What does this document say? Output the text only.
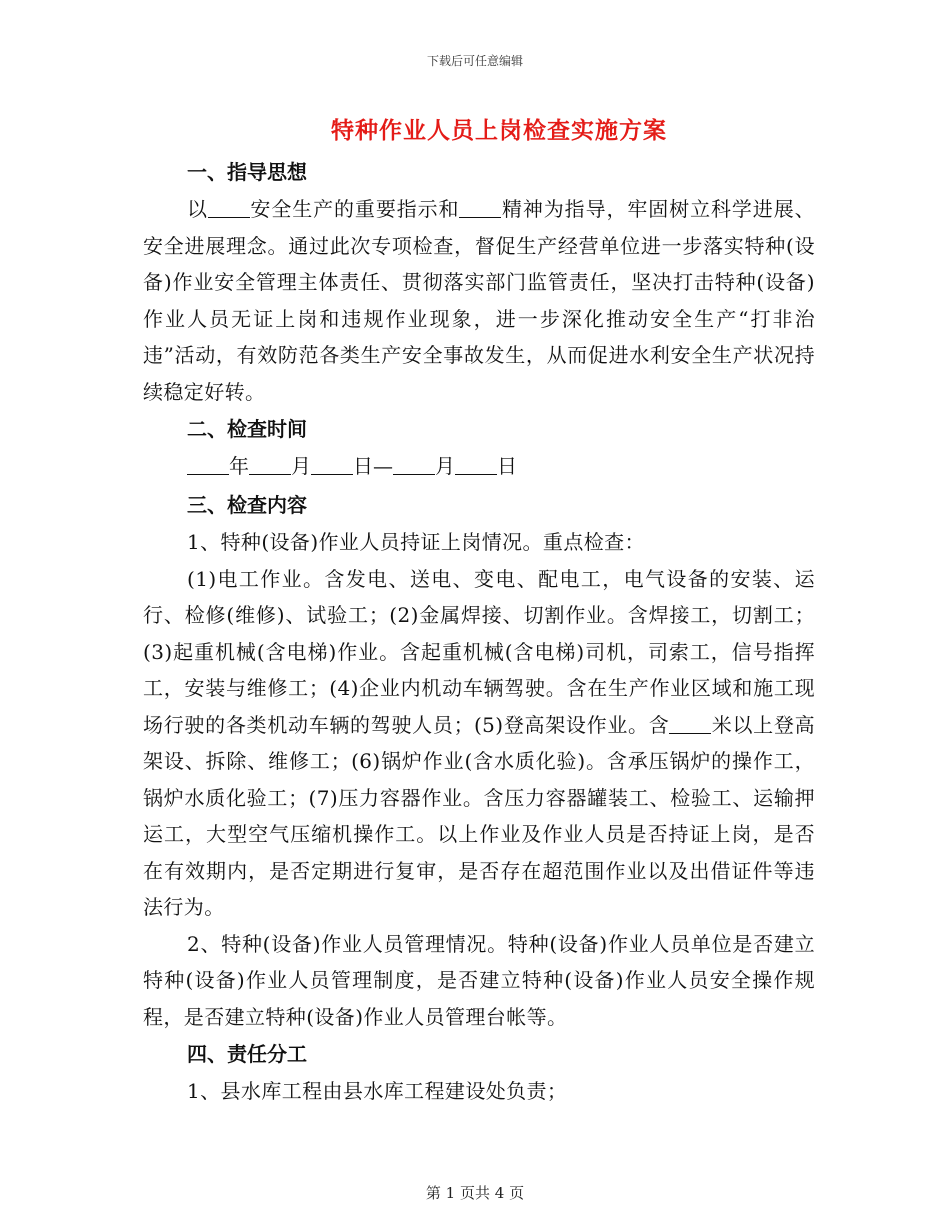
下载后可任意编辑
特种作业人员上岗检查实施方案
一、指导思想

以 安全生产的重要指示和 精神为指导，牢固树立科学进展、安全进展理念。通过此次专项检查，督促生产经营单位进一步落实特种(设备)作业安全管理主体责任、贯彻落实部门监管责任，坚决打击特种(设备)作业人员无证上岗和违规作业现象，进一步深化推动安全生产“打非治违”活动，有效防范各类生产安全事故发生，从而促进水利安全生产状况持续稳定好转。

二、检查时间
年 月 日— 月 日
三、检查内容

1、特种(设备)作业人员持证上岗情况。重点检查：

(1)电工作业。含发电、送电、变电、配电工，电气设备的安装、运行、检修(维修)、试验工；(2)金属焊接、切割作业。含焊接工，切割工；(3)起重机械(含电梯)作业。含起重机械(含电梯)司机，司索工，信号指挥工，安装与维修工；(4)企业内机动车辆驾驶。含在生产作业区域和施工现场行驶的各类机动车辆的驾驶人员；(5)登高架设作业。含 米以上登高架设、拆除、维修工；(6)锅炉作业(含水质化验)。含承压锅炉的操作工，锅炉水质化验工；(7)压力容器作业。含压力容器罐装工、检验工、运输押运工，大型空气压缩机操作工。以上作业及作业人员是否持证上岗，是否在有效期内，是否定期进行复审，是否存在超范围作业以及出借证件等违法行为。

2、特种(设备)作业人员管理情况。特种(设备)作业人员单位是否建立特种(设备)作业人员管理制度，是否建立特种(设备)作业人员安全操作规程，是否建立特种(设备)作业人员管理台帐等。

四、责任分工

1、县水库工程由县水库工程建设处负责；

第 1 页共 4 页
